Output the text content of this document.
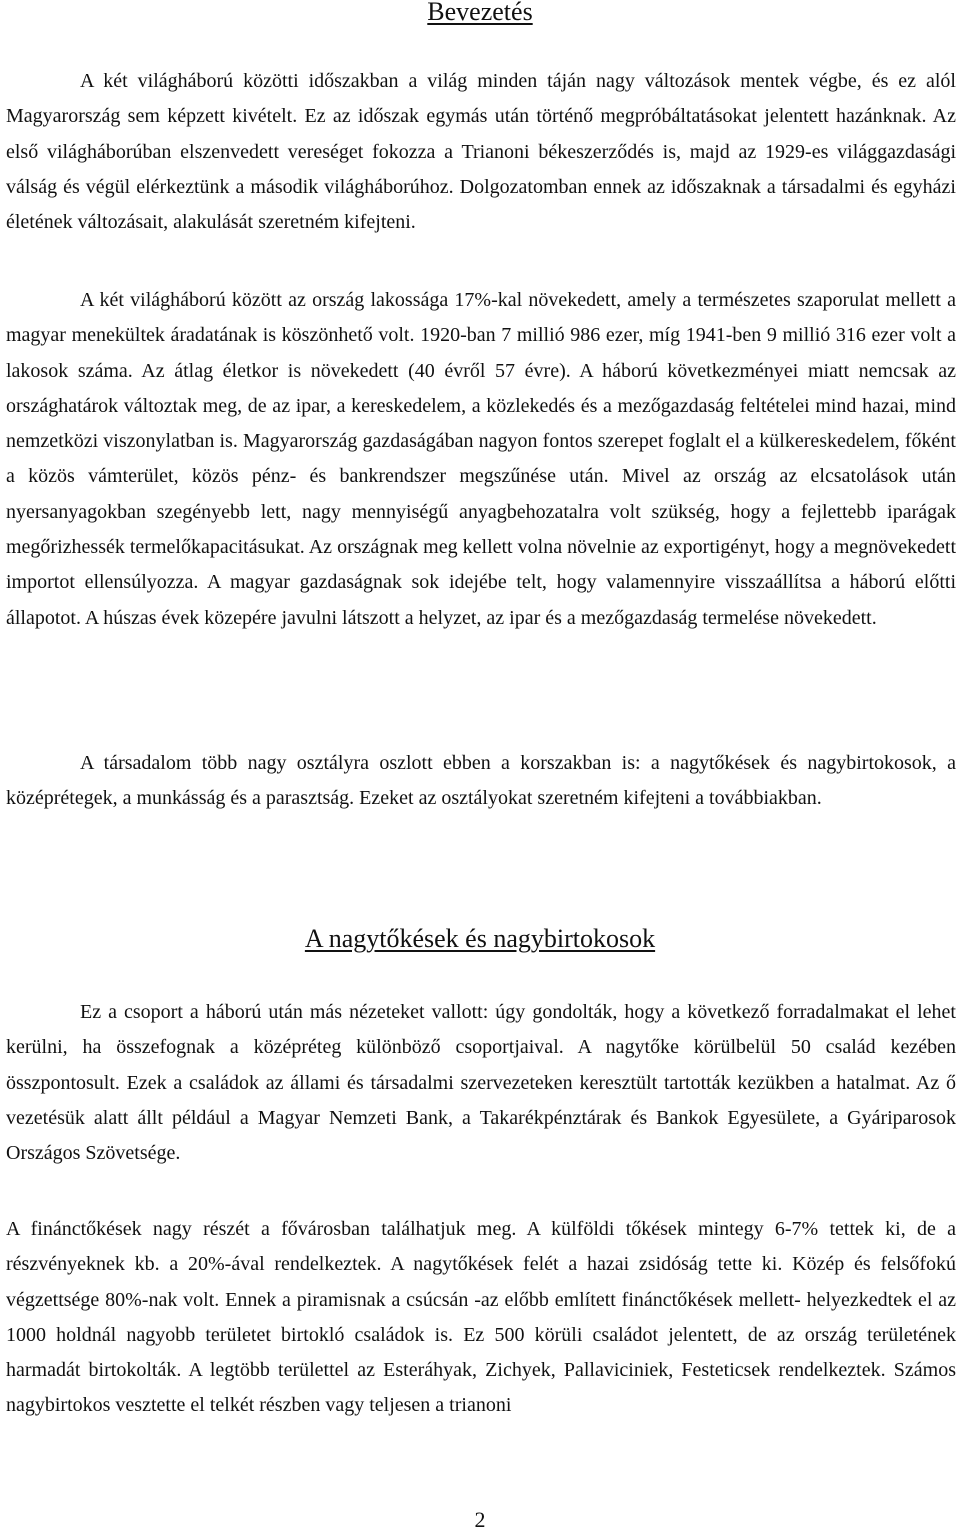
Bevezetés

A két világháború közötti időszakban a világ minden táján nagy változások mentek végbe, és ez alól Magyarország sem képzett kivételt. Ez az időszak egymás után történő megpróbáltatásokat jelentett hazánknak. Az első világháborúban elszenvedett vereséget fokozza a Trianoni békeszerződés is, majd az 1929-es világgazdasági válság és végül elérkeztünk a második világháborúhoz. Dolgozatomban ennek az időszaknak a társadalmi és egyházi életének változásait, alakulását szeretném kifejteni.

A két világháború között az ország lakossága 17%-kal növekedett, amely a természetes szaporulat mellett a magyar menekültek áradatának is köszönhető volt. 1920-ban 7 millió 986 ezer, míg 1941-ben 9 millió 316 ezer volt a lakosok száma. Az átlag életkor is növekedett (40 évről 57 évre). A háború következményei miatt nemcsak az országhatárok változtak meg, de az ipar, a kereskedelem, a közlekedés és a mezőgazdaság feltételei mind hazai, mind nemzetközi viszonylatban is. Magyarország gazdaságában nagyon fontos szerepet foglalt el a külkereskedelem, főként a közös vámterület, közös pénz- és bankrendszer megszűnése után. Mivel az ország az elcsatolások után nyersanyagokban szegényebb lett, nagy mennyiségű anyagbehozatalra volt szükség, hogy a fejlettebb iparágak megőrizhessék termelőkapacitásukat. Az országnak meg kellett volna növelnie az exportigényt, hogy a megnövekedett importot ellensúlyozza. A magyar gazdaságnak sok idejébe telt, hogy valamennyire visszaállítsa a háború előtti állapotot. A húszas évek közepére javulni látszott a helyzet, az ipar és a mezőgazdaság termelése növekedett.

A társadalom több nagy osztályra oszlott ebben a korszakban is: a nagytőkések és nagybirtokosok, a középrétegek, a munkásság és a parasztság. Ezeket az osztályokat szeretném kifejteni a továbbiakban.

A nagytőkések és nagybirtokosok

Ez a csoport a háború után más nézeteket vallott: úgy gondolták, hogy a következő forradalmakat el lehet kerülni, ha összefognak a középréteg különböző csoportjaival. A nagytőke körülbelül 50 család kezében összpontosult. Ezek a családok az állami és társadalmi szervezeteken keresztült tartották kezükben a hatalmat. Az ő vezetésük alatt állt például a Magyar Nemzeti Bank, a Takarékpénztárak és Bankok Egyesülete, a Gyáriparosok Országos Szövetsége.

A finánctőkések nagy részét a fővárosban találhatjuk meg. A külföldi tőkések mintegy 6-7% tettek ki, de a részvényeknek kb. a 20%-ával rendelkeztek. A nagytőkések felét a hazai zsidóság tette ki. Közép és felsőfokú végzettsége 80%-nak volt. Ennek a piramisnak a csúcsán -az előbb említett finánctőkések mellett- helyezkedtek el az 1000 holdnál nagyobb területet birtokló családok is. Ez 500 körüli családot jelentett, de az ország területének harmadát birtokolták. A legtöbb területtel az Esteráhyak, Zichyek, Pallaviciniek, Festeticsek rendelkeztek. Számos nagybirtokos vesztette el telkét részben vagy teljesen a trianoni

2
